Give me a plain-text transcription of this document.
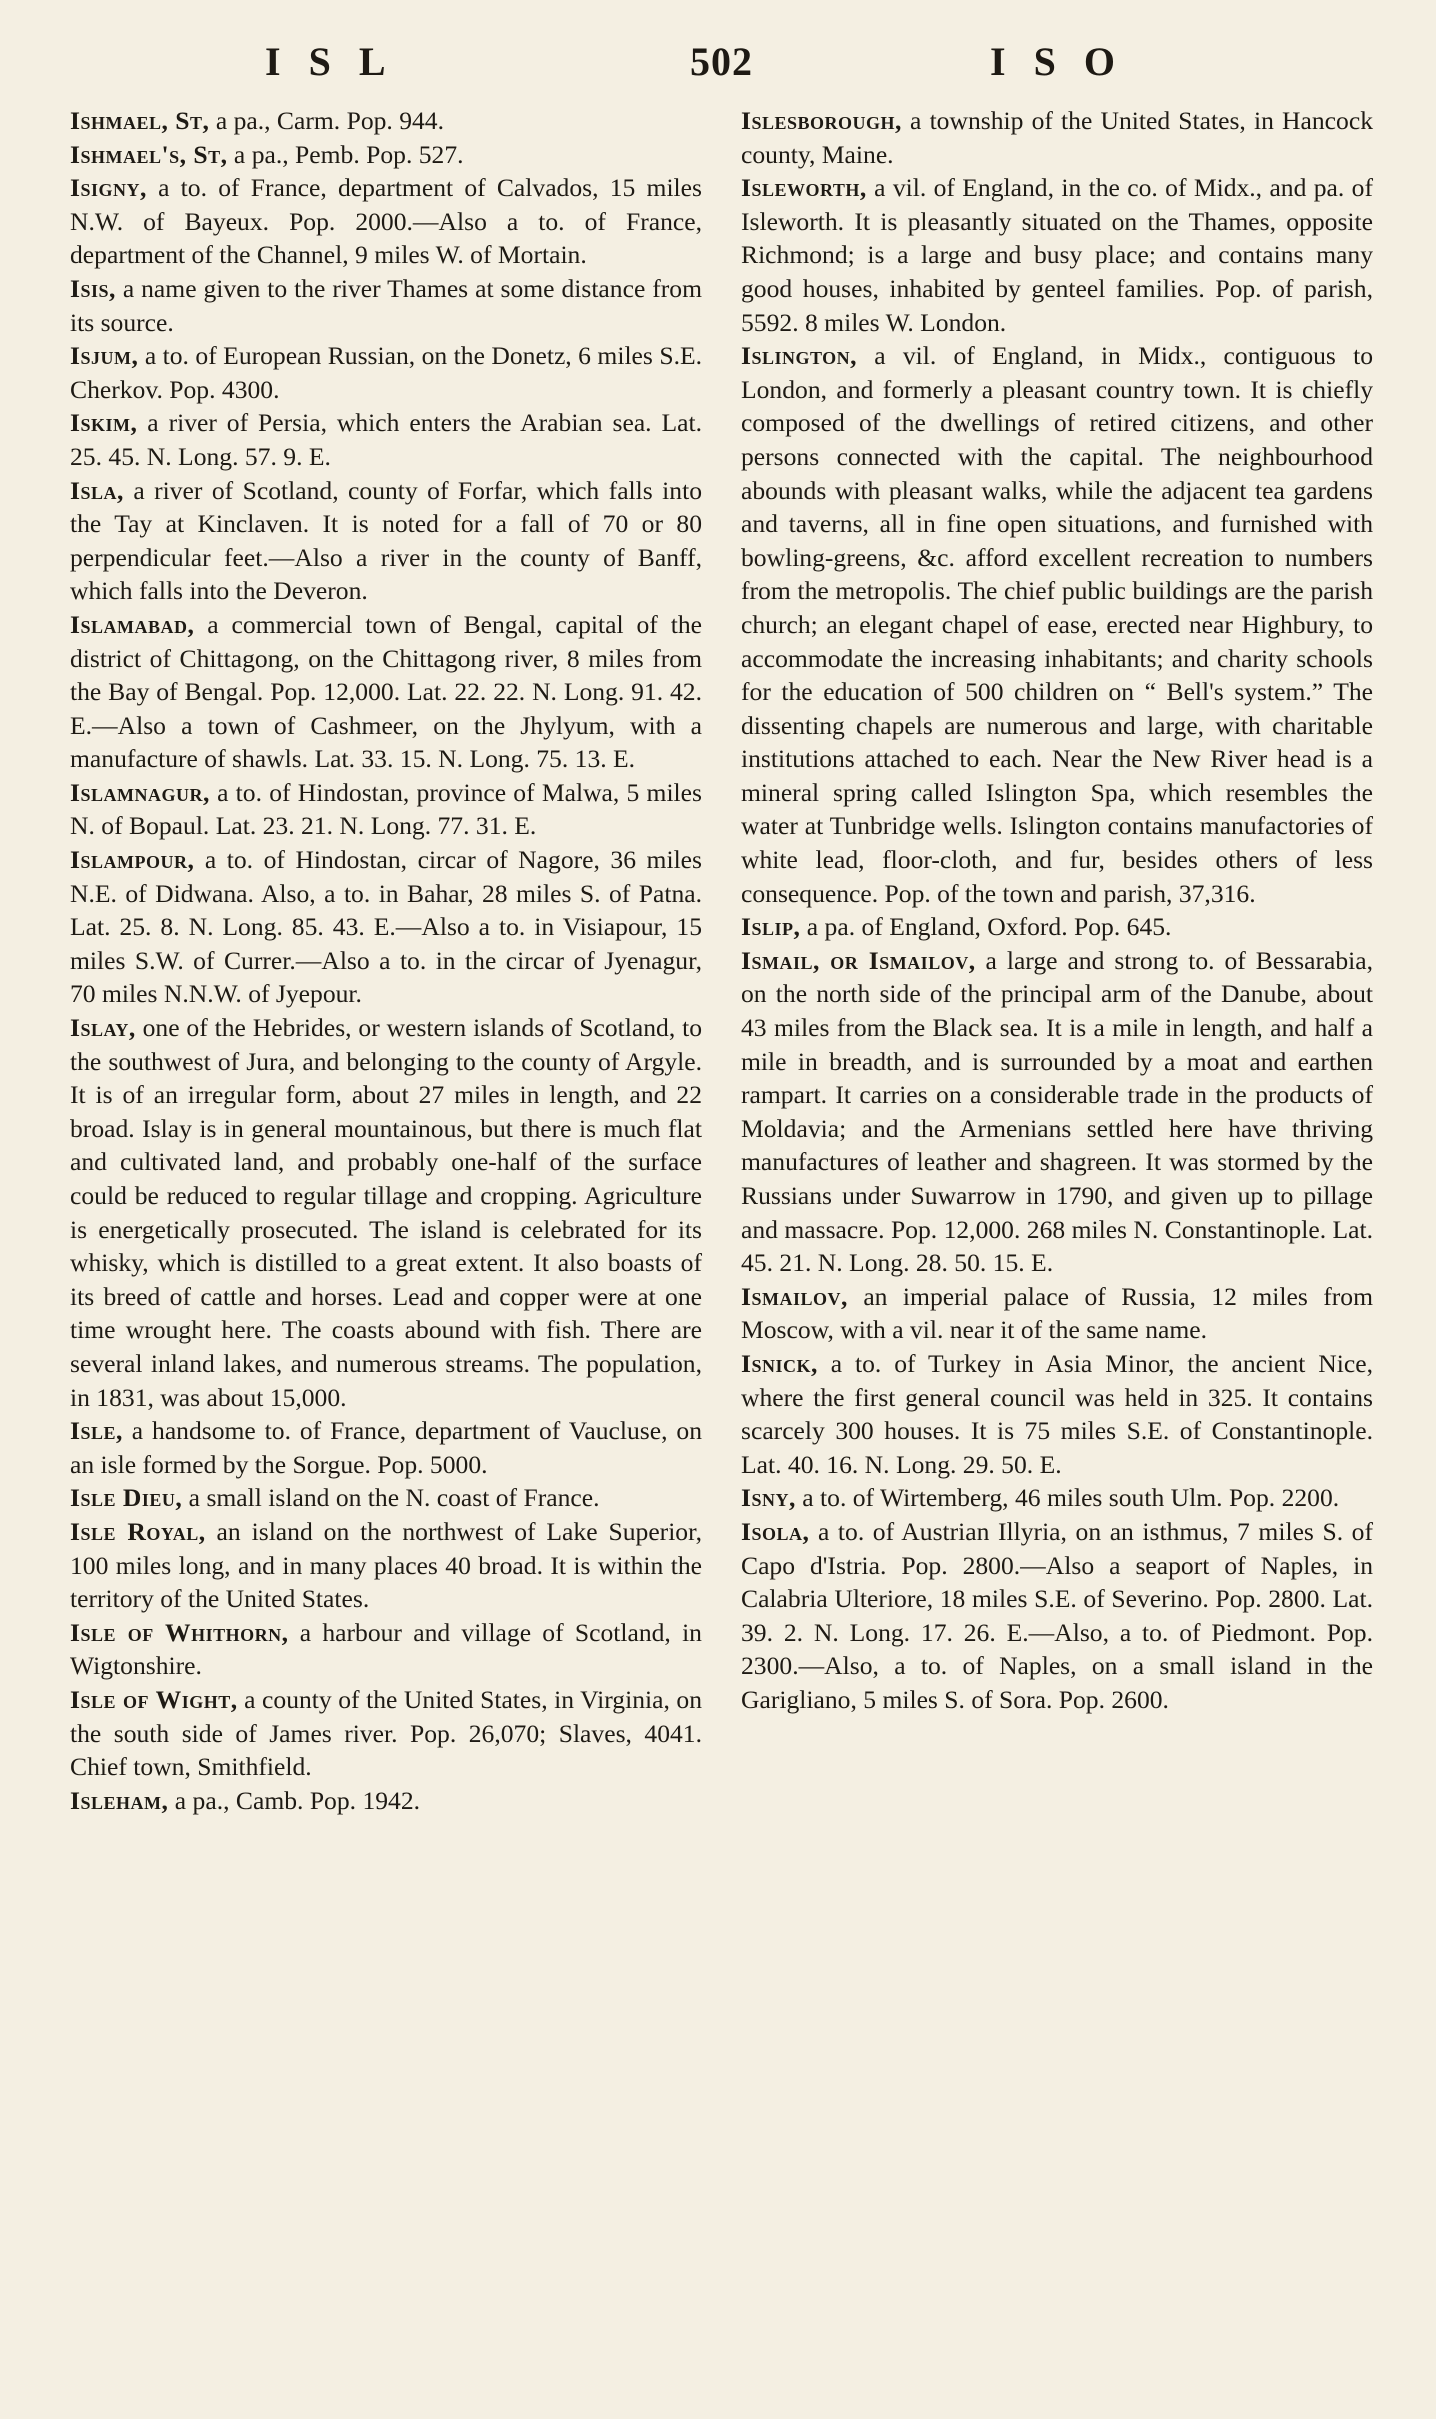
ISL	502	ISO

Ishmael, St, a pa., Carm. Pop. 944.

Ishmael's, St, a pa., Pemb. Pop. 527.

Isigny, a to. of France, department of Calvados, 15 miles N.W. of Bayeux. Pop. 2000.—Also a to. of France, department of the Channel, 9 miles W. of Mortain.

Isis, a name given to the river Thames at some distance from its source.

Isjum, a to. of European Russian, on the Donetz, 6 miles S.E. Cherkov. Pop. 4300.

Iskim, a river of Persia, which enters the Arabian sea. Lat. 25. 45. N. Long. 57. 9. E.

Isla, a river of Scotland, county of Forfar, which falls into the Tay at Kinclaven. It is noted for a fall of 70 or 80 perpendicular feet.—Also a river in the county of Banff, which falls into the Deveron.

Islamabad, a commercial town of Bengal, capital of the district of Chittagong, on the Chittagong river, 8 miles from the Bay of Bengal. Pop. 12,000. Lat. 22. 22. N. Long. 91. 42. E.—Also a town of Cashmeer, on the Jhylyum, with a manufacture of shawls. Lat. 33. 15. N. Long. 75. 13. E.

Islamnagur, a to. of Hindostan, province of Malwa, 5 miles N. of Bopaul. Lat. 23. 21. N. Long. 77. 31. E.

Islampour, a to. of Hindostan, circar of Nagore, 36 miles N.E. of Didwana. Also, a to. in Bahar, 28 miles S. of Patna. Lat. 25. 8. N. Long. 85. 43. E.—Also a to. in Visiapour, 15 miles S.W. of Currer.—Also a to. in the circar of Jyenagur, 70 miles N.N.W. of Jyepour.

Islay, one of the Hebrides, or western islands of Scotland, to the southwest of Jura, and belonging to the county of Argyle. It is of an irregular form, about 27 miles in length, and 22 broad. Islay is in general mountainous, but there is much flat and cultivated land, and probably one-half of the surface could be reduced to regular tillage and cropping. Agriculture is energetically prosecuted. The island is celebrated for its whisky, which is distilled to a great extent. It also boasts of its breed of cattle and horses. Lead and copper were at one time wrought here. The coasts abound with fish. There are several inland lakes, and numerous streams. The population, in 1831, was about 15,000.

Isle, a handsome to. of France, department of Vaucluse, on an isle formed by the Sorgue. Pop. 5000.

Isle Dieu, a small island on the N. coast of France.

Isle Royal, an island on the northwest of Lake Superior, 100 miles long, and in many places 40 broad. It is within the territory of the United States.

Isle of Whithorn, a harbour and village of Scotland, in Wigtonshire.

Isle of Wight, a county of the United States, in Virginia, on the south side of James river. Pop. 26,070; Slaves, 4041. Chief town, Smithfield.

Isleham, a pa., Camb. Pop. 1942.

Islesborough, a township of the United States, in Hancock county, Maine.

Isleworth, a vil. of England, in the co. of Midx., and pa. of Isleworth. It is pleasantly situated on the Thames, opposite Richmond; is a large and busy place; and contains many good houses, inhabited by genteel families. Pop. of parish, 5592. 8 miles W. London.

Islington, a vil. of England, in Midx., contiguous to London, and formerly a pleasant country town. It is chiefly composed of the dwellings of retired citizens, and other persons connected with the capital. The neighbourhood abounds with pleasant walks, while the adjacent tea gardens and taverns, all in fine open situations, and furnished with bowling-greens, &c. afford excellent recreation to numbers from the metropolis. The chief public buildings are the parish church; an elegant chapel of ease, erected near Highbury, to accommodate the increasing inhabitants; and charity schools for the education of 500 children on “ Bell's system.” The dissenting chapels are numerous and large, with charitable institutions attached to each. Near the New River head is a mineral spring called Islington Spa, which resembles the water at Tunbridge wells. Islington contains manufactories of white lead, floor-cloth, and fur, besides others of less consequence. Pop. of the town and parish, 37,316.

Islip, a pa. of England, Oxford. Pop. 645.

Ismail, or Ismailov, a large and strong to. of Bessarabia, on the north side of the principal arm of the Danube, about 43 miles from the Black sea. It is a mile in length, and half a mile in breadth, and is surrounded by a moat and earthen rampart. It carries on a considerable trade in the products of Moldavia; and the Armenians settled here have thriving manufactures of leather and shagreen. It was stormed by the Russians under Suwarrow in 1790, and given up to pillage and massacre. Pop. 12,000. 268 miles N. Constantinople. Lat. 45. 21. N. Long. 28. 50. 15. E.

Ismailov, an imperial palace of Russia, 12 miles from Moscow, with a vil. near it of the same name.

Isnick, a to. of Turkey in Asia Minor, the ancient Nice, where the first general council was held in 325. It contains scarcely 300 houses. It is 75 miles S.E. of Constantinople. Lat. 40. 16. N. Long. 29. 50. E.

Isny, a to. of Wirtemberg, 46 miles south Ulm. Pop. 2200.

Isola, a to. of Austrian Illyria, on an isthmus, 7 miles S. of Capo d'Istria. Pop. 2800.—Also a seaport of Naples, in Calabria Ulteriore, 18 miles S.E. of Severino. Pop. 2800. Lat. 39. 2. N. Long. 17. 26. E.—Also, a to. of Piedmont. Pop. 2300.—Also, a to. of Naples, on a small island in the Garigliano, 5 miles S. of Sora. Pop. 2600.
